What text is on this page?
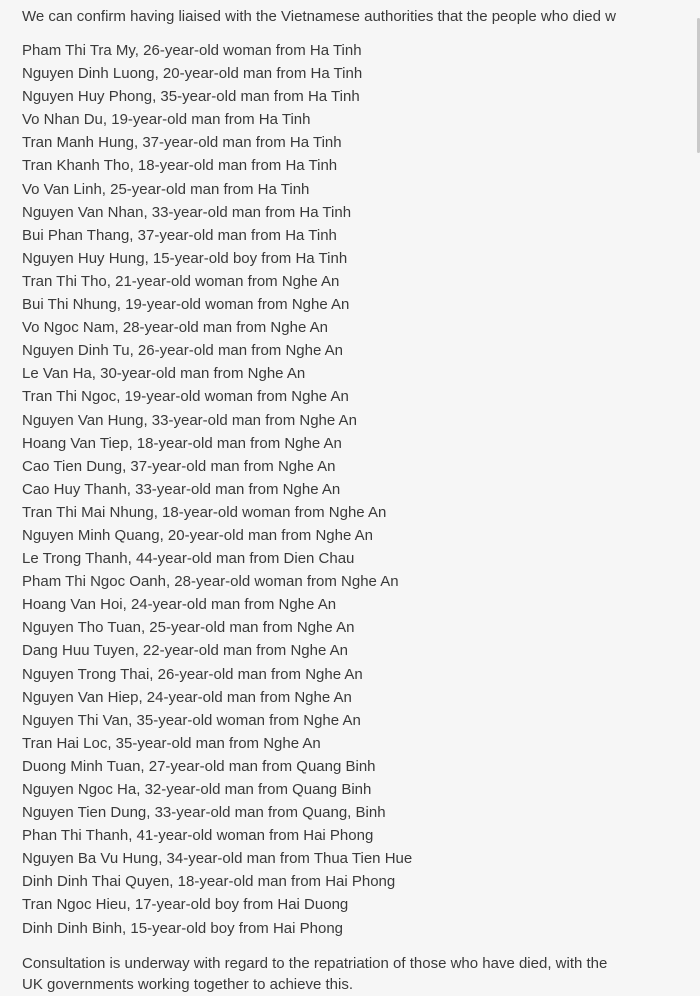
We can confirm having liaised with the Vietnamese authorities that the people who died w
Pham Thi Tra My, 26-year-old woman from Ha Tinh
Nguyen Dinh Luong, 20-year-old man from Ha Tinh
Nguyen Huy Phong, 35-year-old man from Ha Tinh
Vo Nhan Du, 19-year-old man from Ha Tinh
Tran Manh Hung, 37-year-old man from Ha Tinh
Tran Khanh Tho, 18-year-old man from Ha Tinh
Vo Van Linh, 25-year-old man from Ha Tinh
Nguyen Van Nhan, 33-year-old man from Ha Tinh
Bui Phan Thang, 37-year-old man from Ha Tinh
Nguyen Huy Hung, 15-year-old boy from Ha Tinh
Tran Thi Tho, 21-year-old woman from Nghe An
Bui Thi Nhung, 19-year-old woman from Nghe An
Vo Ngoc Nam, 28-year-old man from Nghe An
Nguyen Dinh Tu, 26-year-old man from Nghe An
Le Van Ha, 30-year-old man from Nghe An
Tran Thi Ngoc, 19-year-old woman from Nghe An
Nguyen Van Hung, 33-year-old man from Nghe An
Hoang Van Tiep, 18-year-old man from Nghe An
Cao Tien Dung, 37-year-old man from Nghe An
Cao Huy Thanh, 33-year-old man from Nghe An
Tran Thi Mai Nhung, 18-year-old woman from Nghe An
Nguyen Minh Quang, 20-year-old man from Nghe An
Le Trong Thanh, 44-year-old man from Dien Chau
Pham Thi Ngoc Oanh, 28-year-old woman from Nghe An
Hoang Van Hoi, 24-year-old man from Nghe An
Nguyen Tho Tuan, 25-year-old man from Nghe An
Dang Huu Tuyen, 22-year-old man from Nghe An
Nguyen Trong Thai, 26-year-old man from Nghe An
Nguyen Van Hiep, 24-year-old man from Nghe An
Nguyen Thi Van, 35-year-old woman from Nghe An
Tran Hai Loc, 35-year-old man from Nghe An
Duong Minh Tuan, 27-year-old man from Quang Binh
Nguyen Ngoc Ha, 32-year-old man from Quang Binh
Nguyen Tien Dung, 33-year-old man from Quang, Binh
Phan Thi Thanh, 41-year-old woman from Hai Phong
Nguyen Ba Vu Hung, 34-year-old man from Thua Tien Hue
Dinh Dinh Thai Quyen, 18-year-old man from Hai Phong
Tran Ngoc Hieu, 17-year-old boy from Hai Duong
Dinh Dinh Binh, 15-year-old boy from Hai Phong
Consultation is underway with regard to the repatriation of those who have died, with the
UK governments working together to achieve this.
